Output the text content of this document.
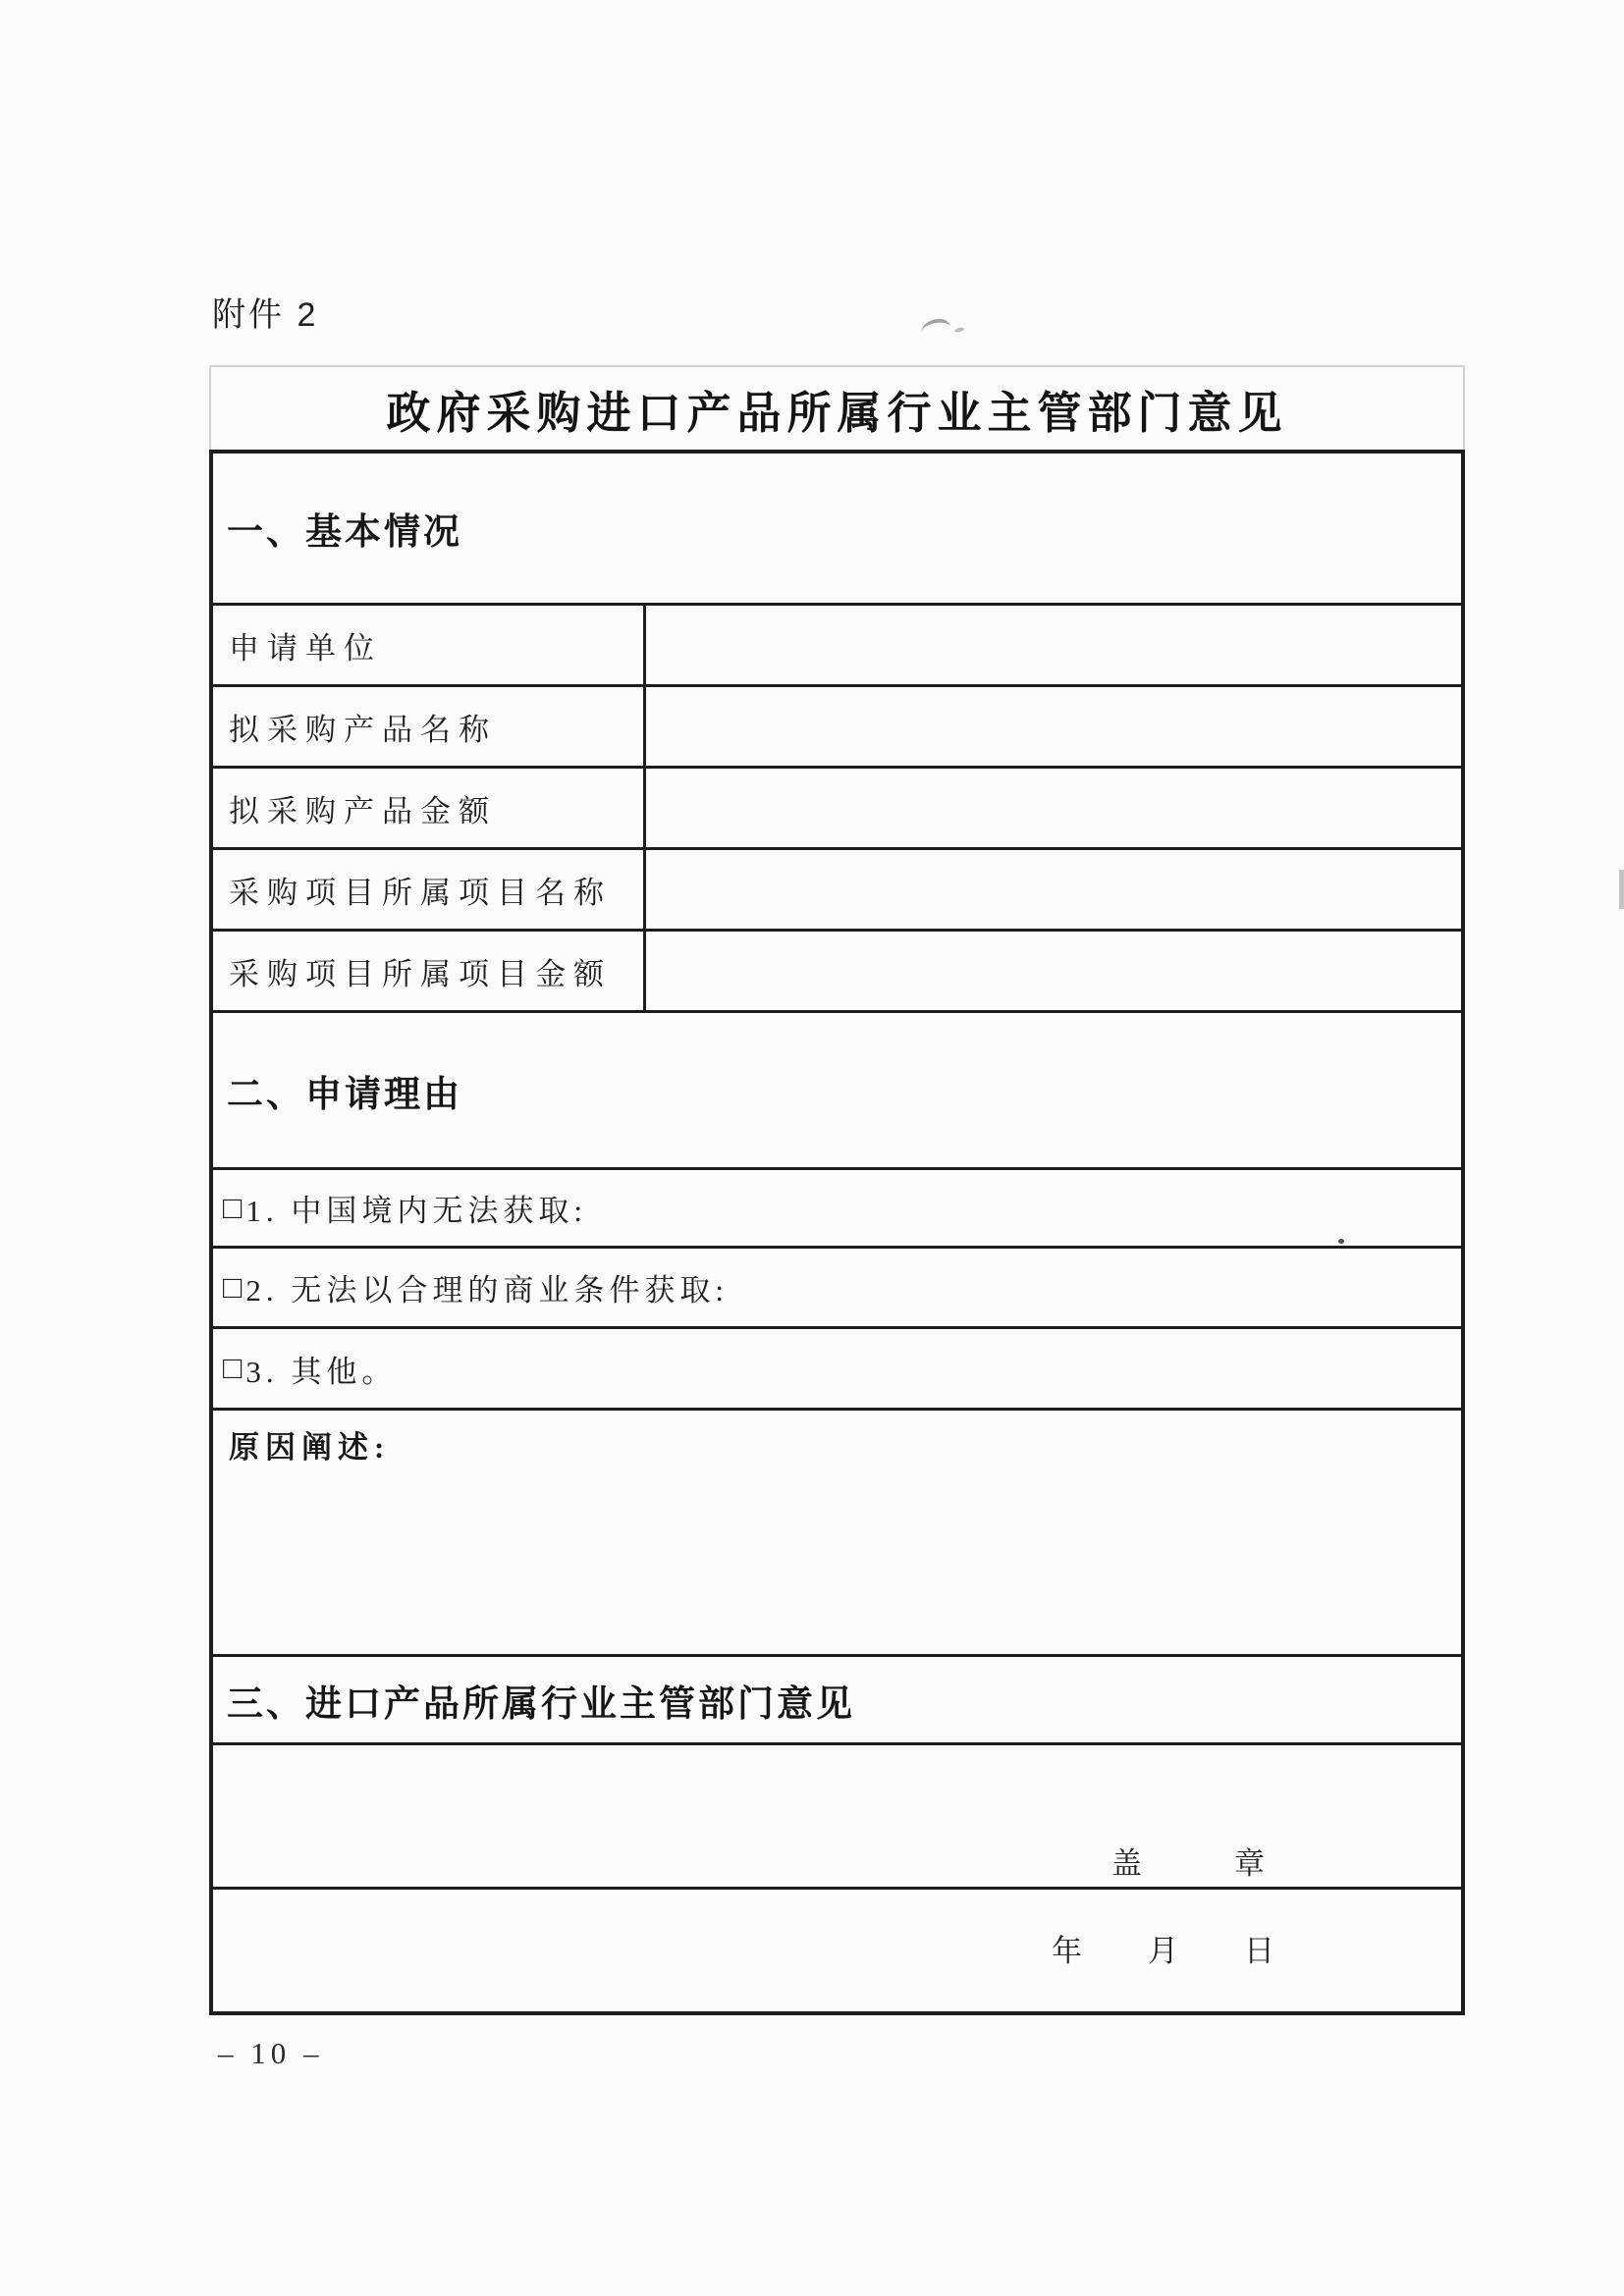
附件 2
政府采购进口产品所属行业主管部门意见
一、基本情况
申请单位
拟采购产品名称
拟采购产品金额
采购项目所属项目名称
采购项目所属项目金额
二、申请理由
□ 1. 中国境内无法获取:
□ 2. 无法以合理的商业条件获取:
□ 3. 其他。
原因阐述:
三、进口产品所属行业主管部门意见
盖	章
年 月 日
– 10 –
